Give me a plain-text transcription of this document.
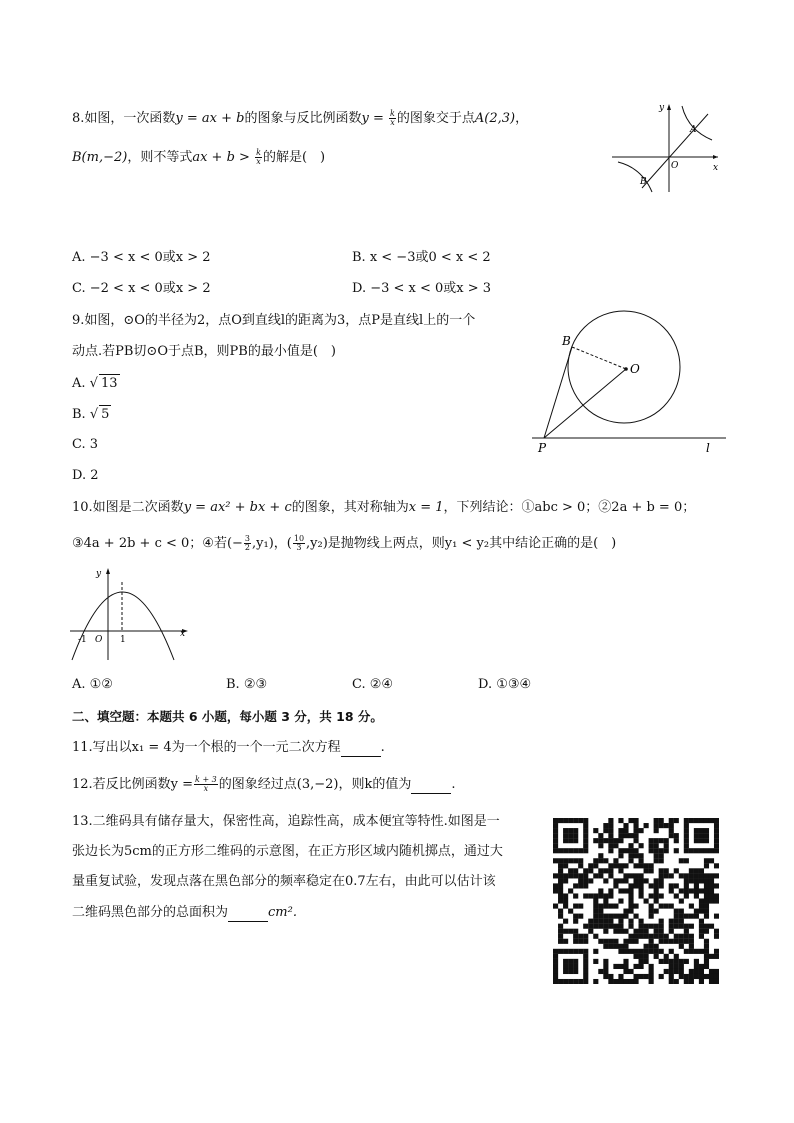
8.如图，一次函数y = ax + b的图象与反比例函数$y = \frac{k}{x}$ 的图象交于点A(2,3)，
B(m,−2)，则不等式ax + $b > \frac{k}{x}$ 的解是(　)
y
x
O
A
B
A. −3 < x < 0或x > 2	B. x < −3或0 < x < 2
C. −2 < x < 0或x > 2	D. −3 < x < 0或x > 3
9.如图，⊙O的半径为2，点O到直线l的距离为3，点P是直线l上的一个
动点.若PB切⊙O于点B，则PB的最小值是(　)
A. √ 13
B. √ 5
C. 3
D. 2
B
O
P	l
10.如图是二次函数y = ax² + bx + c的图象，其对称轴为x = 1，下列结论：①abc > 0；②2a + b = 0；
③4a + 2b + c < 0；④若(− $\frac{3}{2} ,y_1$)，( $\frac{10}{3} ,y_2$)是抛物线上两点，则y₁ < y₂其中结论正确的是(　)
y
x
-1 O 1
A. ①②	B. ②③	C. ②④	D. ①③④
二、填空题：本题共 6 小题，每小题 3 分，共 18 分。
11.写出以x₁ = 4为一个根的一个一元二次方程	.
12.若反比例函数$y = \frac{k + 3}{x}$ 的图象经过点(3,−2)，则k的值为	.
13.二维码具有储存量大，保密性高，追踪性高，成本便宜等特性.如图是一
张边长为5cm的正方形二维码的示意图，在正方形区域内随机掷点，通过大
量重复试验，发现点落在黑色部分的频率稳定在0.7左右，由此可以估计该
二维码黑色部分的总面积为	cm².
